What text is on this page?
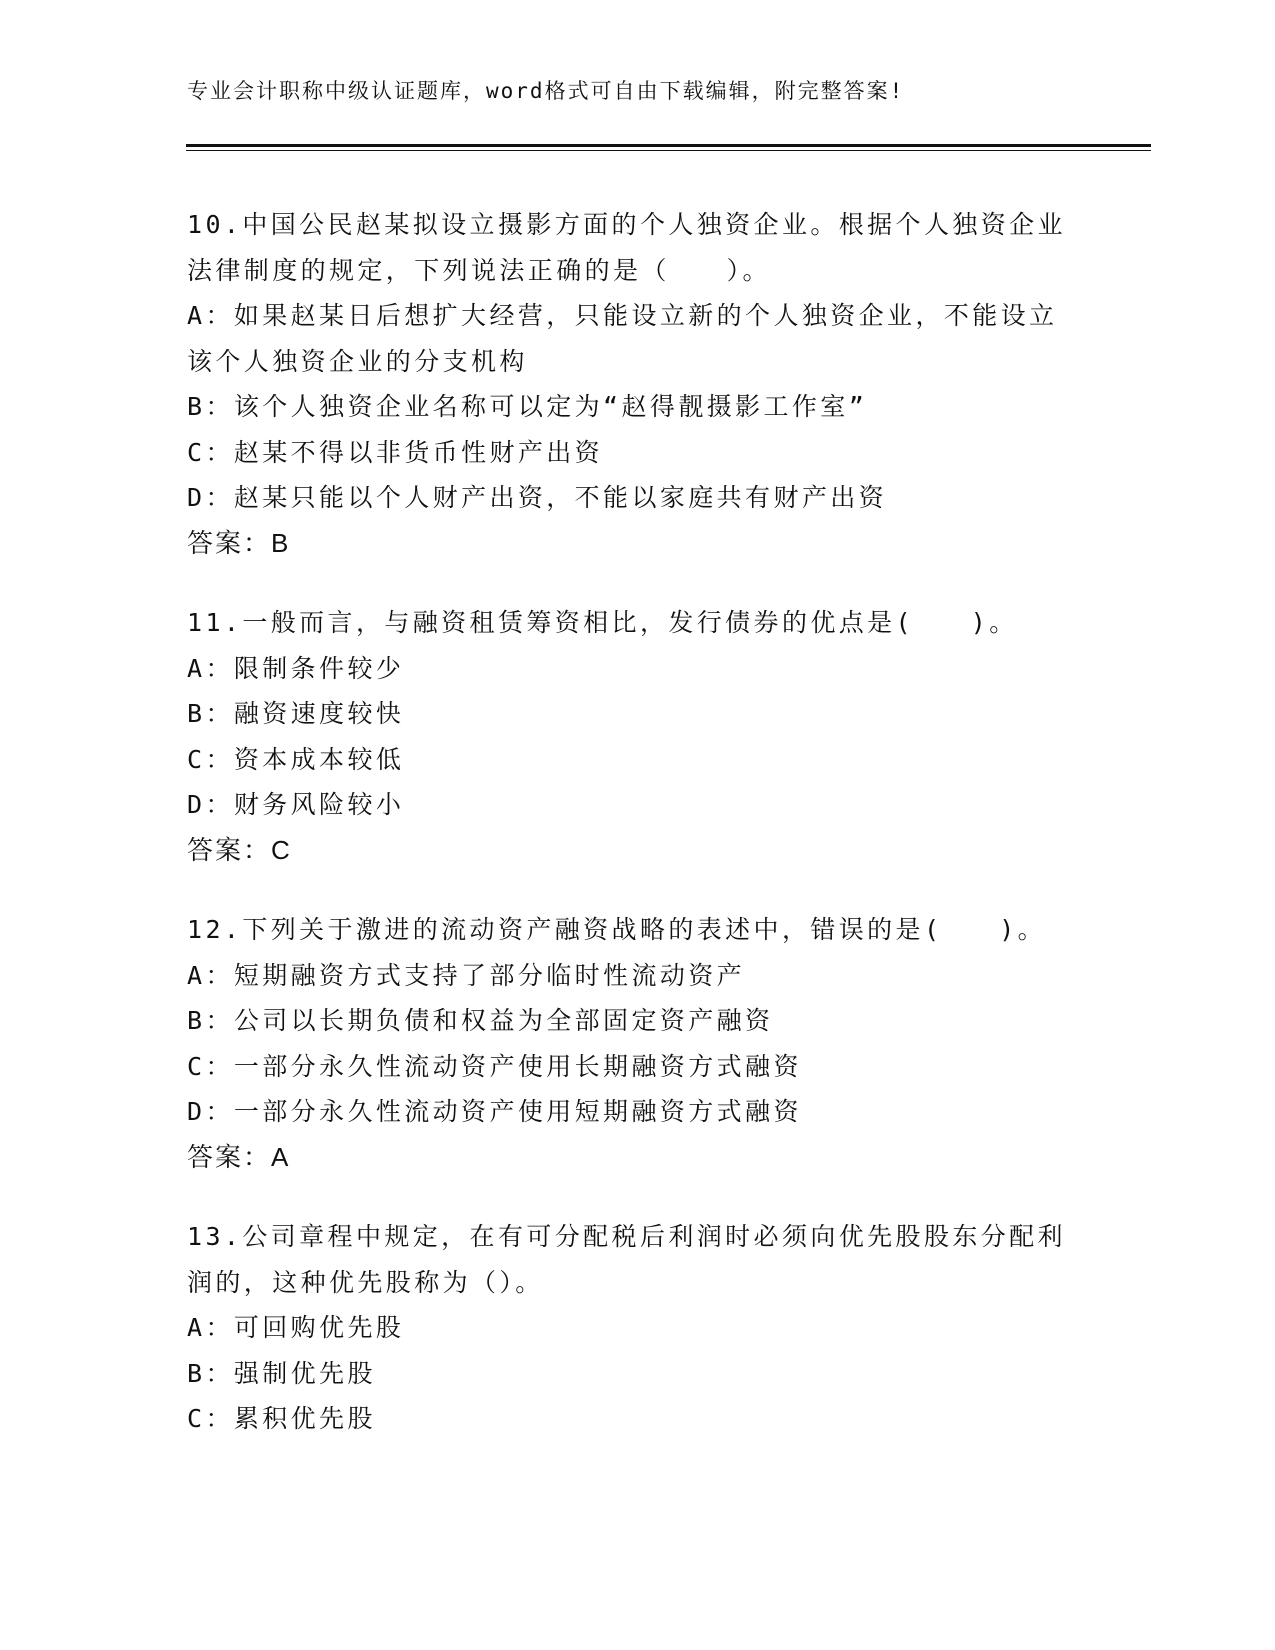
专业会计职称中级认证题库，word格式可自由下载编辑，附完整答案!
10.中国公民赵某拟设立摄影方面的个人独资企业。根据个人独资企业
法律制度的规定，下列说法正确的是（　　）。
A：如果赵某日后想扩大经营，只能设立新的个人独资企业，不能设立
该个人独资企业的分支机构
B：该个人独资企业名称可以定为“赵得靓摄影工作室”
C：赵某不得以非货币性财产出资
D：赵某只能以个人财产出资，不能以家庭共有财产出资
答案：B
11.一般而言，与融资租赁筹资相比，发行债券的优点是(　　)。
A：限制条件较少
B：融资速度较快
C：资本成本较低
D：财务风险较小
答案：C
12.下列关于激进的流动资产融资战略的表述中，错误的是(　　)。
A：短期融资方式支持了部分临时性流动资产
B：公司以长期负债和权益为全部固定资产融资
C：一部分永久性流动资产使用长期融资方式融资
D：一部分永久性流动资产使用短期融资方式融资
答案：A
13.公司章程中规定，在有可分配税后利润时必须向优先股股东分配利
润的，这种优先股称为（）。
A：可回购优先股
B：强制优先股
C：累积优先股
